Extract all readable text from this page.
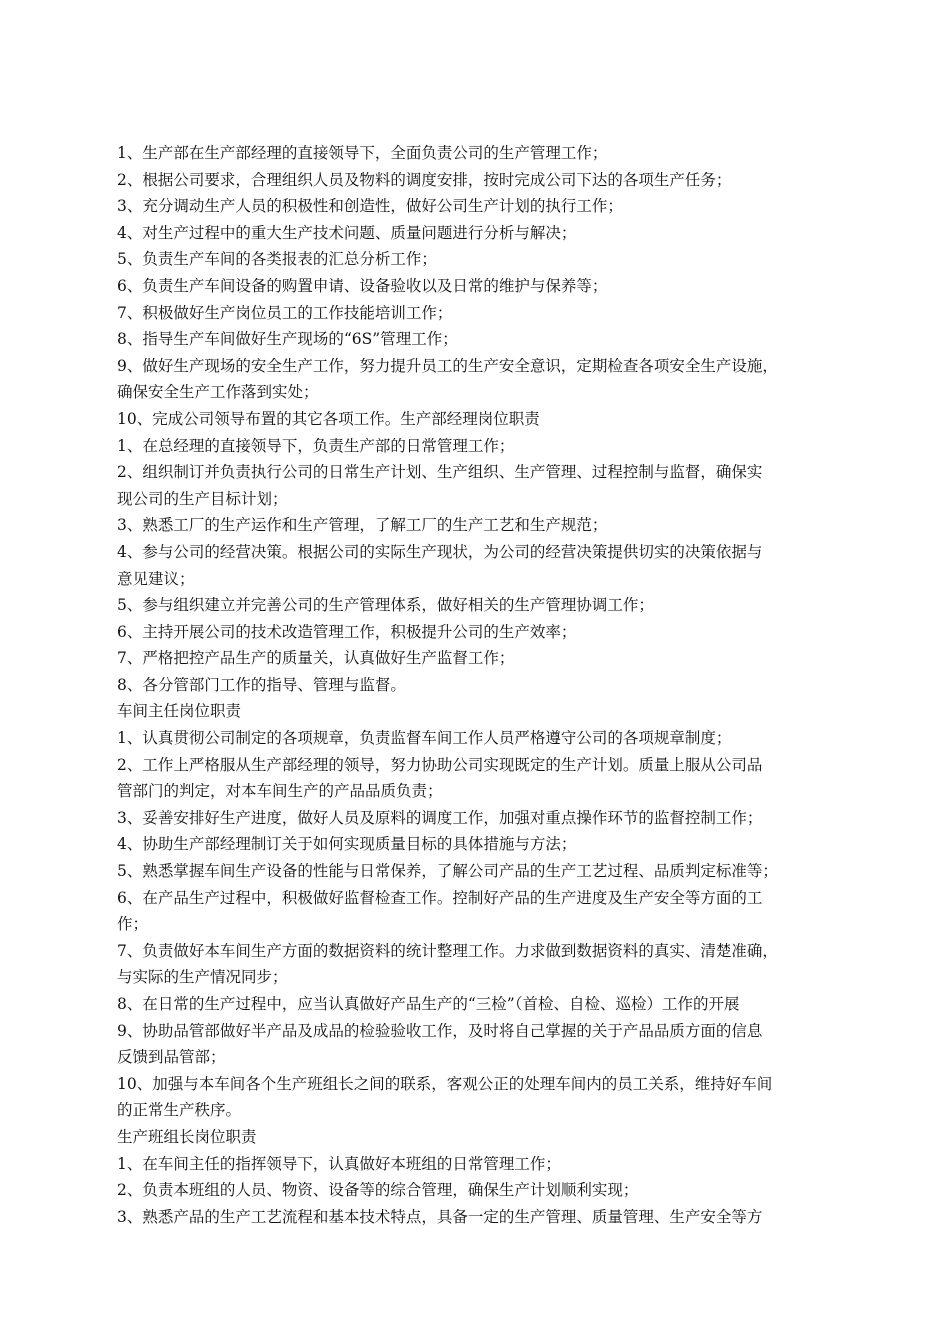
1、生产部在生产部经理的直接领导下，全面负责公司的生产管理工作；
2、根据公司要求，合理组织人员及物料的调度安排，按时完成公司下达的各项生产任务；
3、充分调动生产人员的积极性和创造性，做好公司生产计划的执行工作；
4、对生产过程中的重大生产技术问题、质量问题进行分析与解决；
5、负责生产车间的各类报表的汇总分析工作；
6、负责生产车间设备的购置申请、设备验收以及日常的维护与保养等；
7、积极做好生产岗位员工的工作技能培训工作；
8、指导生产车间做好生产现场的“6S”管理工作；
9、做好生产现场的安全生产工作，努力提升员工的生产安全意识，定期检查各项安全生产设施，
确保安全生产工作落到实处；
10、完成公司领导布置的其它各项工作。生产部经理岗位职责
1、在总经理的直接领导下，负责生产部的日常管理工作；
2、组织制订并负责执行公司的日常生产计划、生产组织、生产管理、过程控制与监督，确保实
现公司的生产目标计划；
3、熟悉工厂的生产运作和生产管理，了解工厂的生产工艺和生产规范；
4、参与公司的经营决策。根据公司的实际生产现状，为公司的经营决策提供切实的决策依据与
意见建议；
5、参与组织建立并完善公司的生产管理体系，做好相关的生产管理协调工作；
6、主持开展公司的技术改造管理工作，积极提升公司的生产效率；
7、严格把控产品生产的质量关，认真做好生产监督工作；
8、各分管部门工作的指导、管理与监督。
车间主任岗位职责
1、认真贯彻公司制定的各项规章，负责监督车间工作人员严格遵守公司的各项规章制度；
2、工作上严格服从生产部经理的领导，努力协助公司实现既定的生产计划。质量上服从公司品
管部门的判定，对本车间生产的产品品质负责；
3、妥善安排好生产进度，做好人员及原料的调度工作，加强对重点操作环节的监督控制工作；
4、协助生产部经理制订关于如何实现质量目标的具体措施与方法；
5、熟悉掌握车间生产设备的性能与日常保养，了解公司产品的生产工艺过程、品质判定标准等；
6、在产品生产过程中，积极做好监督检查工作。控制好产品的生产进度及生产安全等方面的工
作；
7、负责做好本车间生产方面的数据资料的统计整理工作。力求做到数据资料的真实、清楚准确，
与实际的生产情况同步；
8、在日常的生产过程中，应当认真做好产品生产的“三检”（首检、自检、巡检）工作的开展
9、协助品管部做好半产品及成品的检验验收工作，及时将自己掌握的关于产品品质方面的信息
反馈到品管部；
10、加强与本车间各个生产班组长之间的联系，客观公正的处理车间内的员工关系，维持好车间
的正常生产秩序。
生产班组长岗位职责
1、在车间主任的指挥领导下，认真做好本班组的日常管理工作；
2、负责本班组的人员、物资、设备等的综合管理，确保生产计划顺利实现；
3、熟悉产品的生产工艺流程和基本技术特点，具备一定的生产管理、质量管理、生产安全等方
